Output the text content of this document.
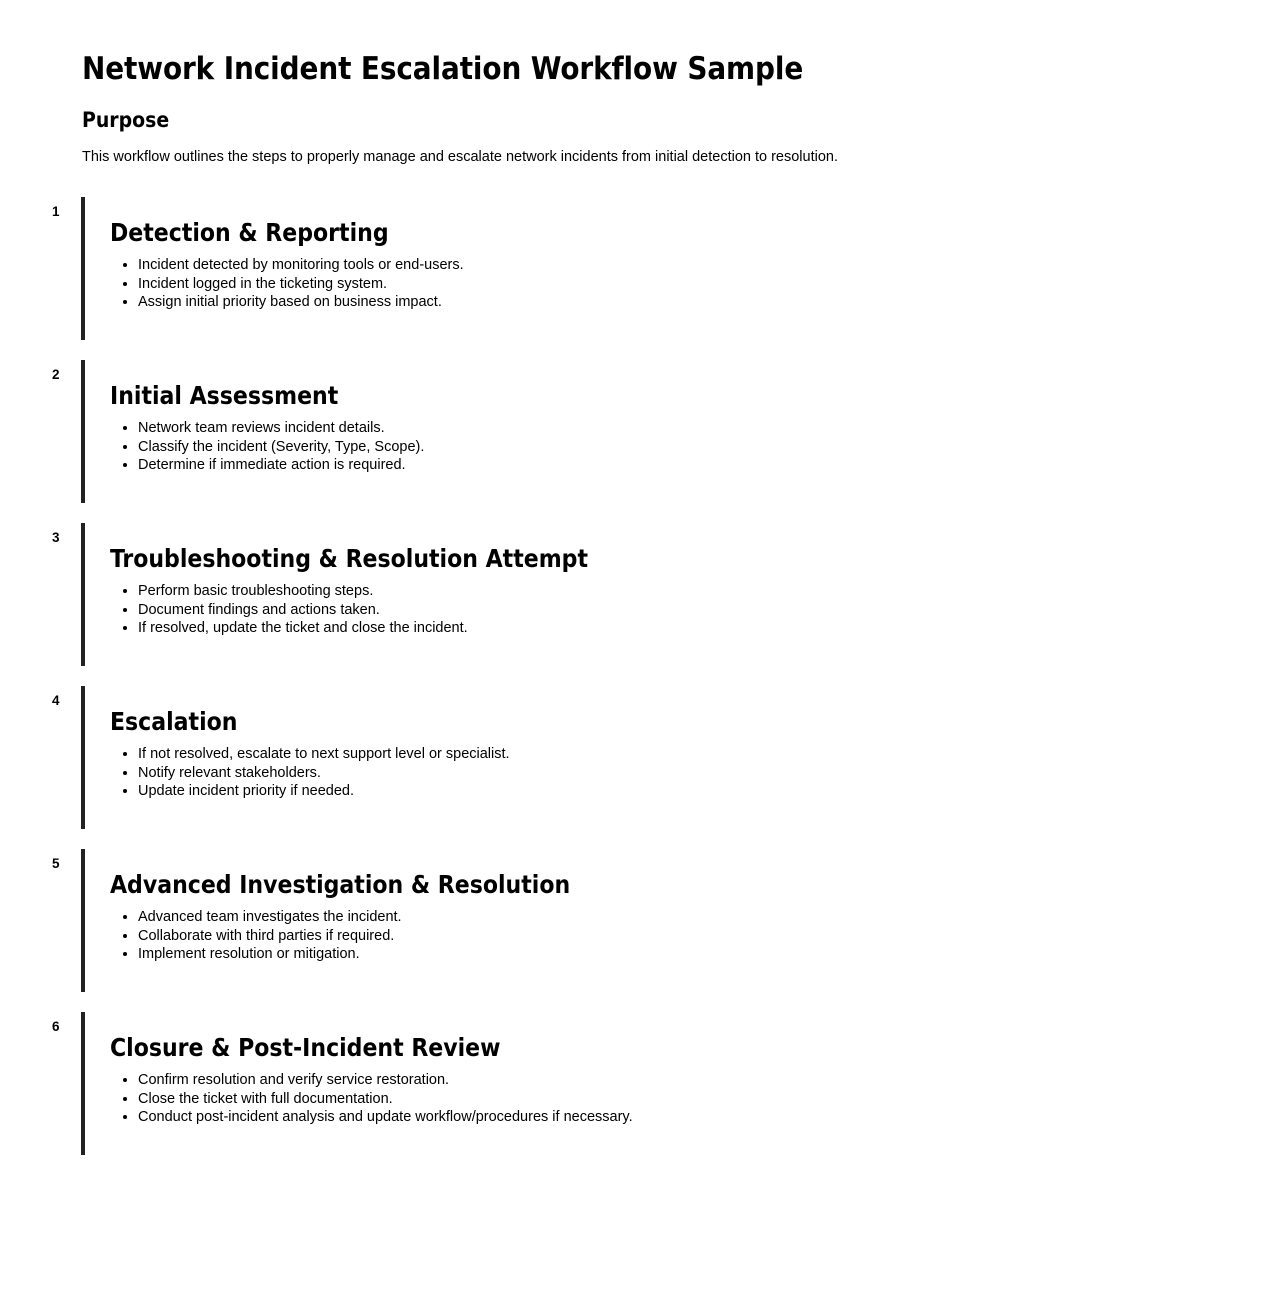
Network Incident Escalation Workflow Sample
Purpose

This workflow outlines the steps to properly manage and escalate network incidents from initial detection to resolution.

1
Detection & Reporting
• Incident detected by monitoring tools or end-users.
• Incident logged in the ticketing system.
• Assign initial priority based on business impact.
2
Initial Assessment
• Network team reviews incident details.
• Classify the incident (Severity, Type, Scope).
• Determine if immediate action is required.
3
Troubleshooting & Resolution Attempt
• Perform basic troubleshooting steps.
• Document findings and actions taken.
• If resolved, update the ticket and close the incident.
4
Escalation
• If not resolved, escalate to next support level or specialist.
• Notify relevant stakeholders.
• Update incident priority if needed.
5
Advanced Investigation & Resolution
• Advanced team investigates the incident.
• Collaborate with third parties if required.
• Implement resolution or mitigation.
6
Closure & Post-Incident Review
• Confirm resolution and verify service restoration.
• Close the ticket with full documentation.
• Conduct post-incident analysis and update workflow/procedures if necessary.
